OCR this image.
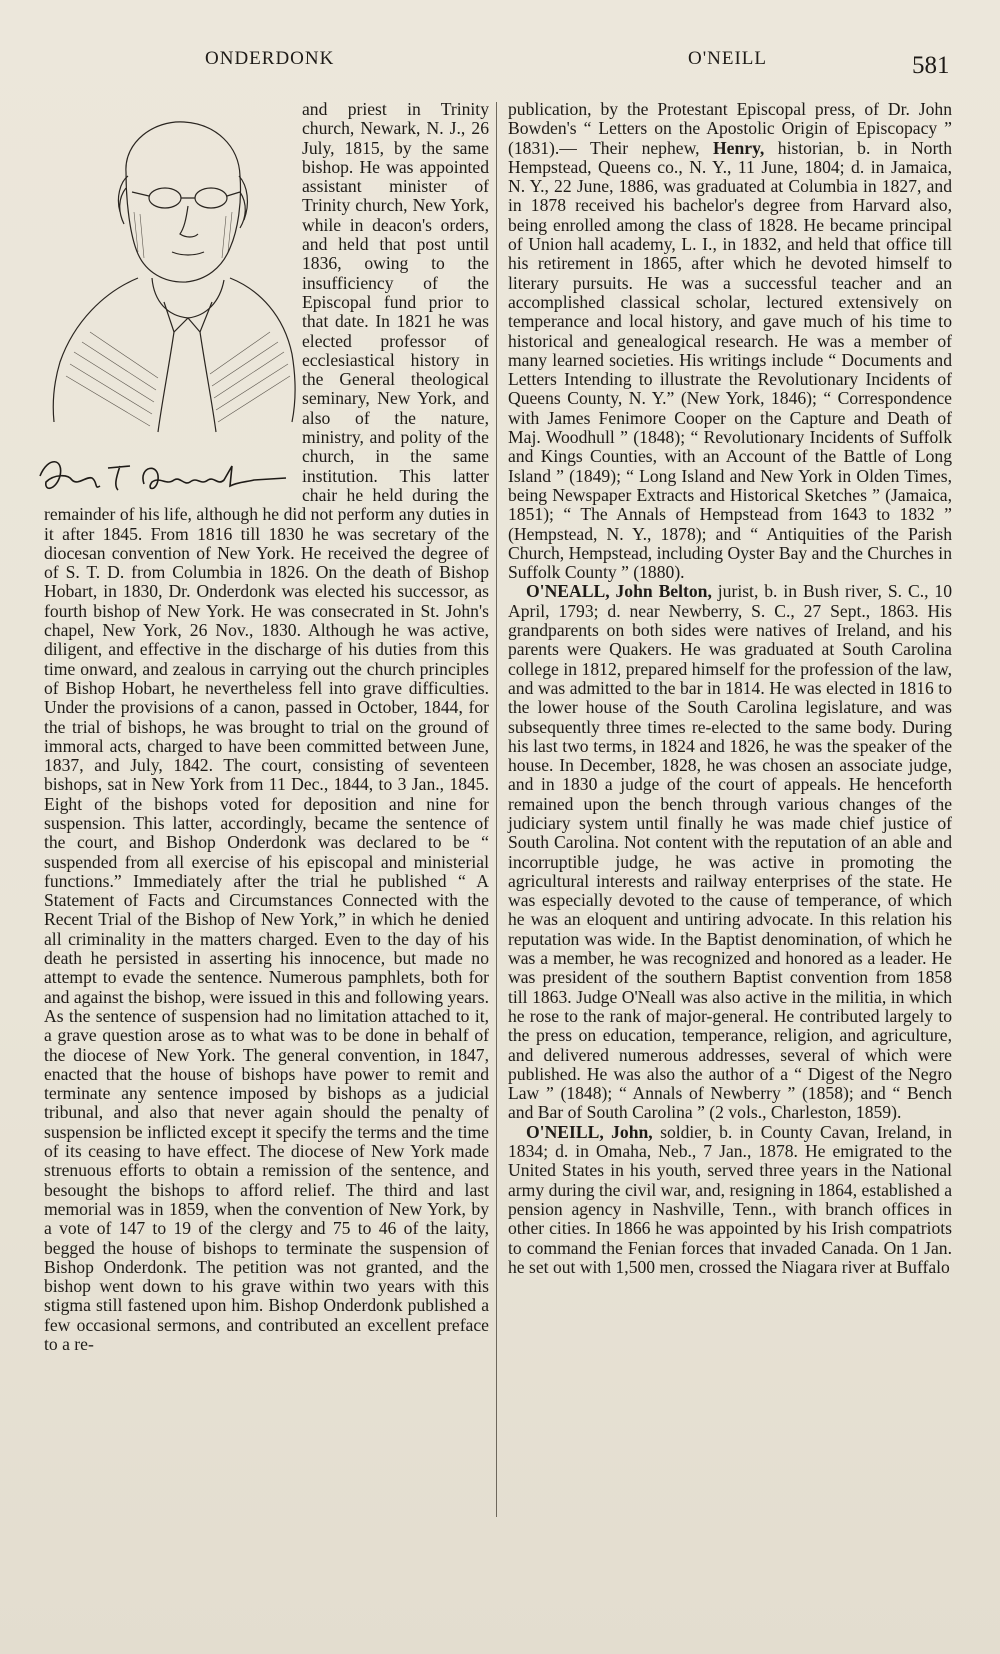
ONDERDONK	O'NEILL	581

and priest in Trinity church, Newark, N. J., 26 July, 1815, by the same bishop. He was appointed assistant minister of Trinity church, New York, while in deacon's orders, and held that post until 1836, owing to the insufficiency of the Episcopal fund prior to that date. In 1821 he was elected professor of ecclesiastical history in the General theological seminary, New York, and also of the nature, ministry, and polity of the church, in the same institution. This latter chair he held during the remainder of his life, although he did not perform any duties in it after 1845. From 1816 till 1830 he was secretary of the diocesan convention of New York. He received the degree of of S. T. D. from Columbia in 1826. On the death of Bishop Hobart, in 1830, Dr. Onderdonk was elected his successor, as fourth bishop of New York. He was consecrated in St. John's chapel, New York, 26 Nov., 1830. Although he was active, diligent, and effective in the discharge of his duties from this time onward, and zealous in carrying out the church principles of Bishop Hobart, he nevertheless fell into grave difficulties. Under the provisions of a canon, passed in October, 1844, for the trial of bishops, he was brought to trial on the ground of immoral acts, charged to have been committed between June, 1837, and July, 1842. The court, consisting of seventeen bishops, sat in New York from 11 Dec., 1844, to 3 Jan., 1845. Eight of the bishops voted for deposition and nine for suspension. This latter, accordingly, became the sentence of the court, and Bishop Onderdonk was declared to be “ suspended from all exercise of his episcopal and ministerial functions.” Immediately after the trial he published “ A Statement of Facts and Circumstances Connected with the Recent Trial of the Bishop of New York,” in which he denied all criminality in the matters charged. Even to the day of his death he persisted in asserting his innocence, but made no attempt to evade the sentence. Numerous pamphlets, both for and against the bishop, were issued in this and following years. As the sentence of suspension had no limitation attached to it, a grave question arose as to what was to be done in behalf of the diocese of New York. The general convention, in 1847, enacted that the house of bishops have power to remit and terminate any sentence imposed by bishops as a judicial tribunal, and also that never again should the penalty of suspension be inflicted except it specify the terms and the time of its ceasing to have effect. The diocese of New York made strenuous efforts to obtain a remission of the sentence, and besought the bishops to afford relief. The third and last memorial was in 1859, when the convention of New York, by a vote of 147 to 19 of the clergy and 75 to 46 of the laity, begged the house of bishops to terminate the suspension of Bishop Onderdonk. The petition was not granted, and the bishop went down to his grave within two years with this stigma still fastened upon him. Bishop Onderdonk published a few occasional sermons, and contributed an excellent preface to a re-

publication, by the Protestant Episcopal press, of Dr. John Bowden's “ Letters on the Apostolic Origin of Episcopacy ” (1831).— Their nephew, Henry, historian, b. in North Hempstead, Queens co., N. Y., 11 June, 1804; d. in Jamaica, N. Y., 22 June, 1886, was graduated at Columbia in 1827, and in 1878 received his bachelor's degree from Harvard also, being enrolled among the class of 1828. He became principal of Union hall academy, L. I., in 1832, and held that office till his retirement in 1865, after which he devoted himself to literary pursuits. He was a successful teacher and an accomplished classical scholar, lectured extensively on temperance and local history, and gave much of his time to historical and genealogical research. He was a member of many learned societies. His writings include “ Documents and Letters Intending to illustrate the Revolutionary Incidents of Queens County, N. Y.” (New York, 1846); “ Correspondence with James Fenimore Cooper on the Capture and Death of Maj. Woodhull ” (1848); “ Revolutionary Incidents of Suffolk and Kings Counties, with an Account of the Battle of Long Island ” (1849); “ Long Island and New York in Olden Times, being Newspaper Extracts and Historical Sketches ” (Jamaica, 1851); “ The Annals of Hempstead from 1643 to 1832 ” (Hempstead, N. Y., 1878); and “ Antiquities of the Parish Church, Hempstead, including Oyster Bay and the Churches in Suffolk County ” (1880).

O'NEALL, John Belton, jurist, b. in Bush river, S. C., 10 April, 1793; d. near Newberry, S. C., 27 Sept., 1863. His grandparents on both sides were natives of Ireland, and his parents were Quakers. He was graduated at South Carolina college in 1812, prepared himself for the profession of the law, and was admitted to the bar in 1814. He was elected in 1816 to the lower house of the South Carolina legislature, and was subsequently three times re-elected to the same body. During his last two terms, in 1824 and 1826, he was the speaker of the house. In December, 1828, he was chosen an associate judge, and in 1830 a judge of the court of appeals. He henceforth remained upon the bench through various changes of the judiciary system until finally he was made chief justice of South Carolina. Not content with the reputation of an able and incorruptible judge, he was active in promoting the agricultural interests and railway enterprises of the state. He was especially devoted to the cause of temperance, of which he was an eloquent and untiring advocate. In this relation his reputation was wide. In the Baptist denomination, of which he was a member, he was recognized and honored as a leader. He was president of the southern Baptist convention from 1858 till 1863. Judge O'Neall was also active in the militia, in which he rose to the rank of major-general. He contributed largely to the press on education, temperance, religion, and agriculture, and delivered numerous addresses, several of which were published. He was also the author of a “ Digest of the Negro Law ” (1848); “ Annals of Newberry ” (1858); and “ Bench and Bar of South Carolina ” (2 vols., Charleston, 1859).

O'NEILL, John, soldier, b. in County Cavan, Ireland, in 1834; d. in Omaha, Neb., 7 Jan., 1878. He emigrated to the United States in his youth, served three years in the National army during the civil war, and, resigning in 1864, established a pension agency in Nashville, Tenn., with branch offices in other cities. In 1866 he was appointed by his Irish compatriots to command the Fenian forces that invaded Canada. On 1 Jan. he set out with 1,500 men, crossed the Niagara river at Buffalo
